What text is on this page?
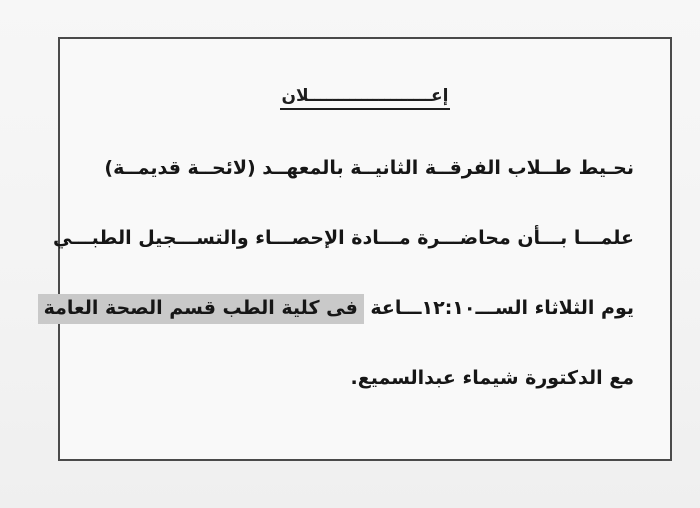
إعـــــــــــــــــــــلان
نحـيط طــلاب الفرقــة الثانيــة بالمعهــد (لائحــة قديمــة)
علمـــا بـــأن محاضـــرة مـــادة الإحصـــاء والتســـجيل الطبـــي
يوم الثلاثاء الســـ١٢:١٠ـــاعة فى كلية الطب قسم الصحة العامة
مع الدكتورة شيماء عبدالسميع.
